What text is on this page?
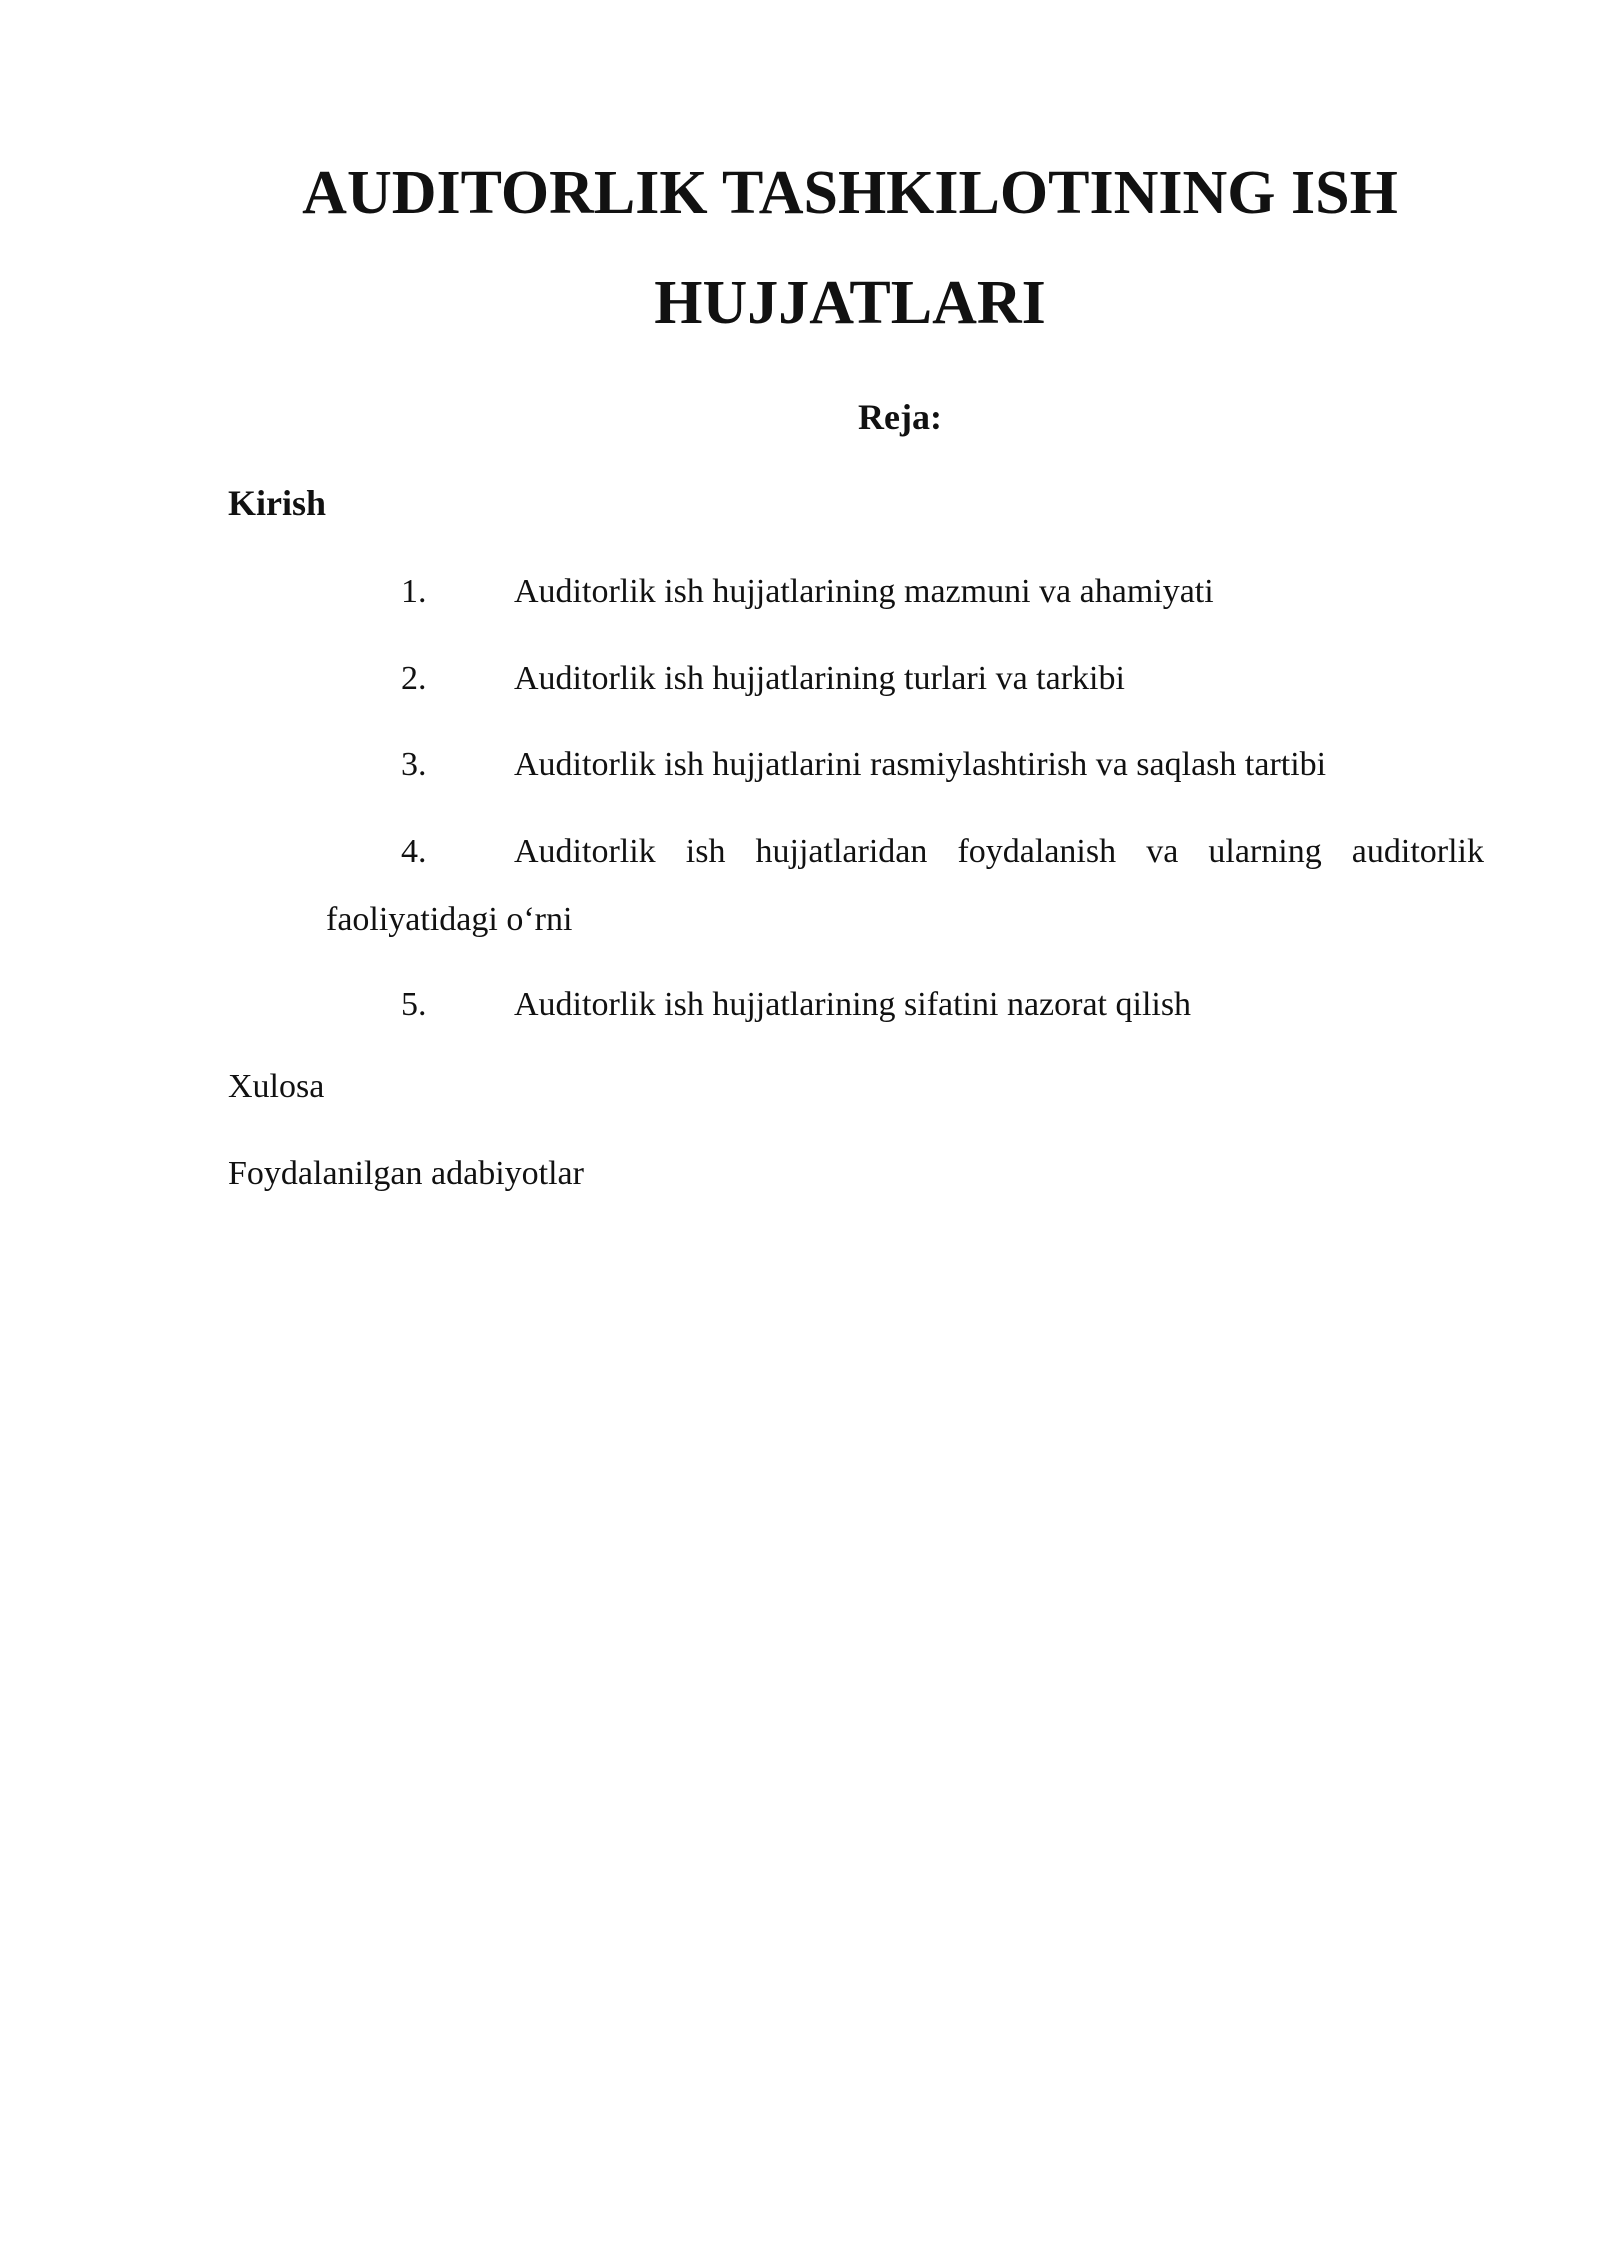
AUDITORLIK TASHKILOTINING ISH HUJJATLARI

Reja:

Kirish

1.	Auditorlik ish hujjatlarining mazmuni va ahamiyati
2.	Auditorlik ish hujjatlarining turlari va tarkibi
3.	Auditorlik ish hujjatlarini rasmiylashtirish va saqlash tartibi
4.	Auditorlik ish hujjatlaridan foydalanish va ularning auditorlik
faoliyatidagi o‘rni
5.	Auditorlik ish hujjatlarining sifatini nazorat qilish

Xulosa

Foydalanilgan adabiyotlar
